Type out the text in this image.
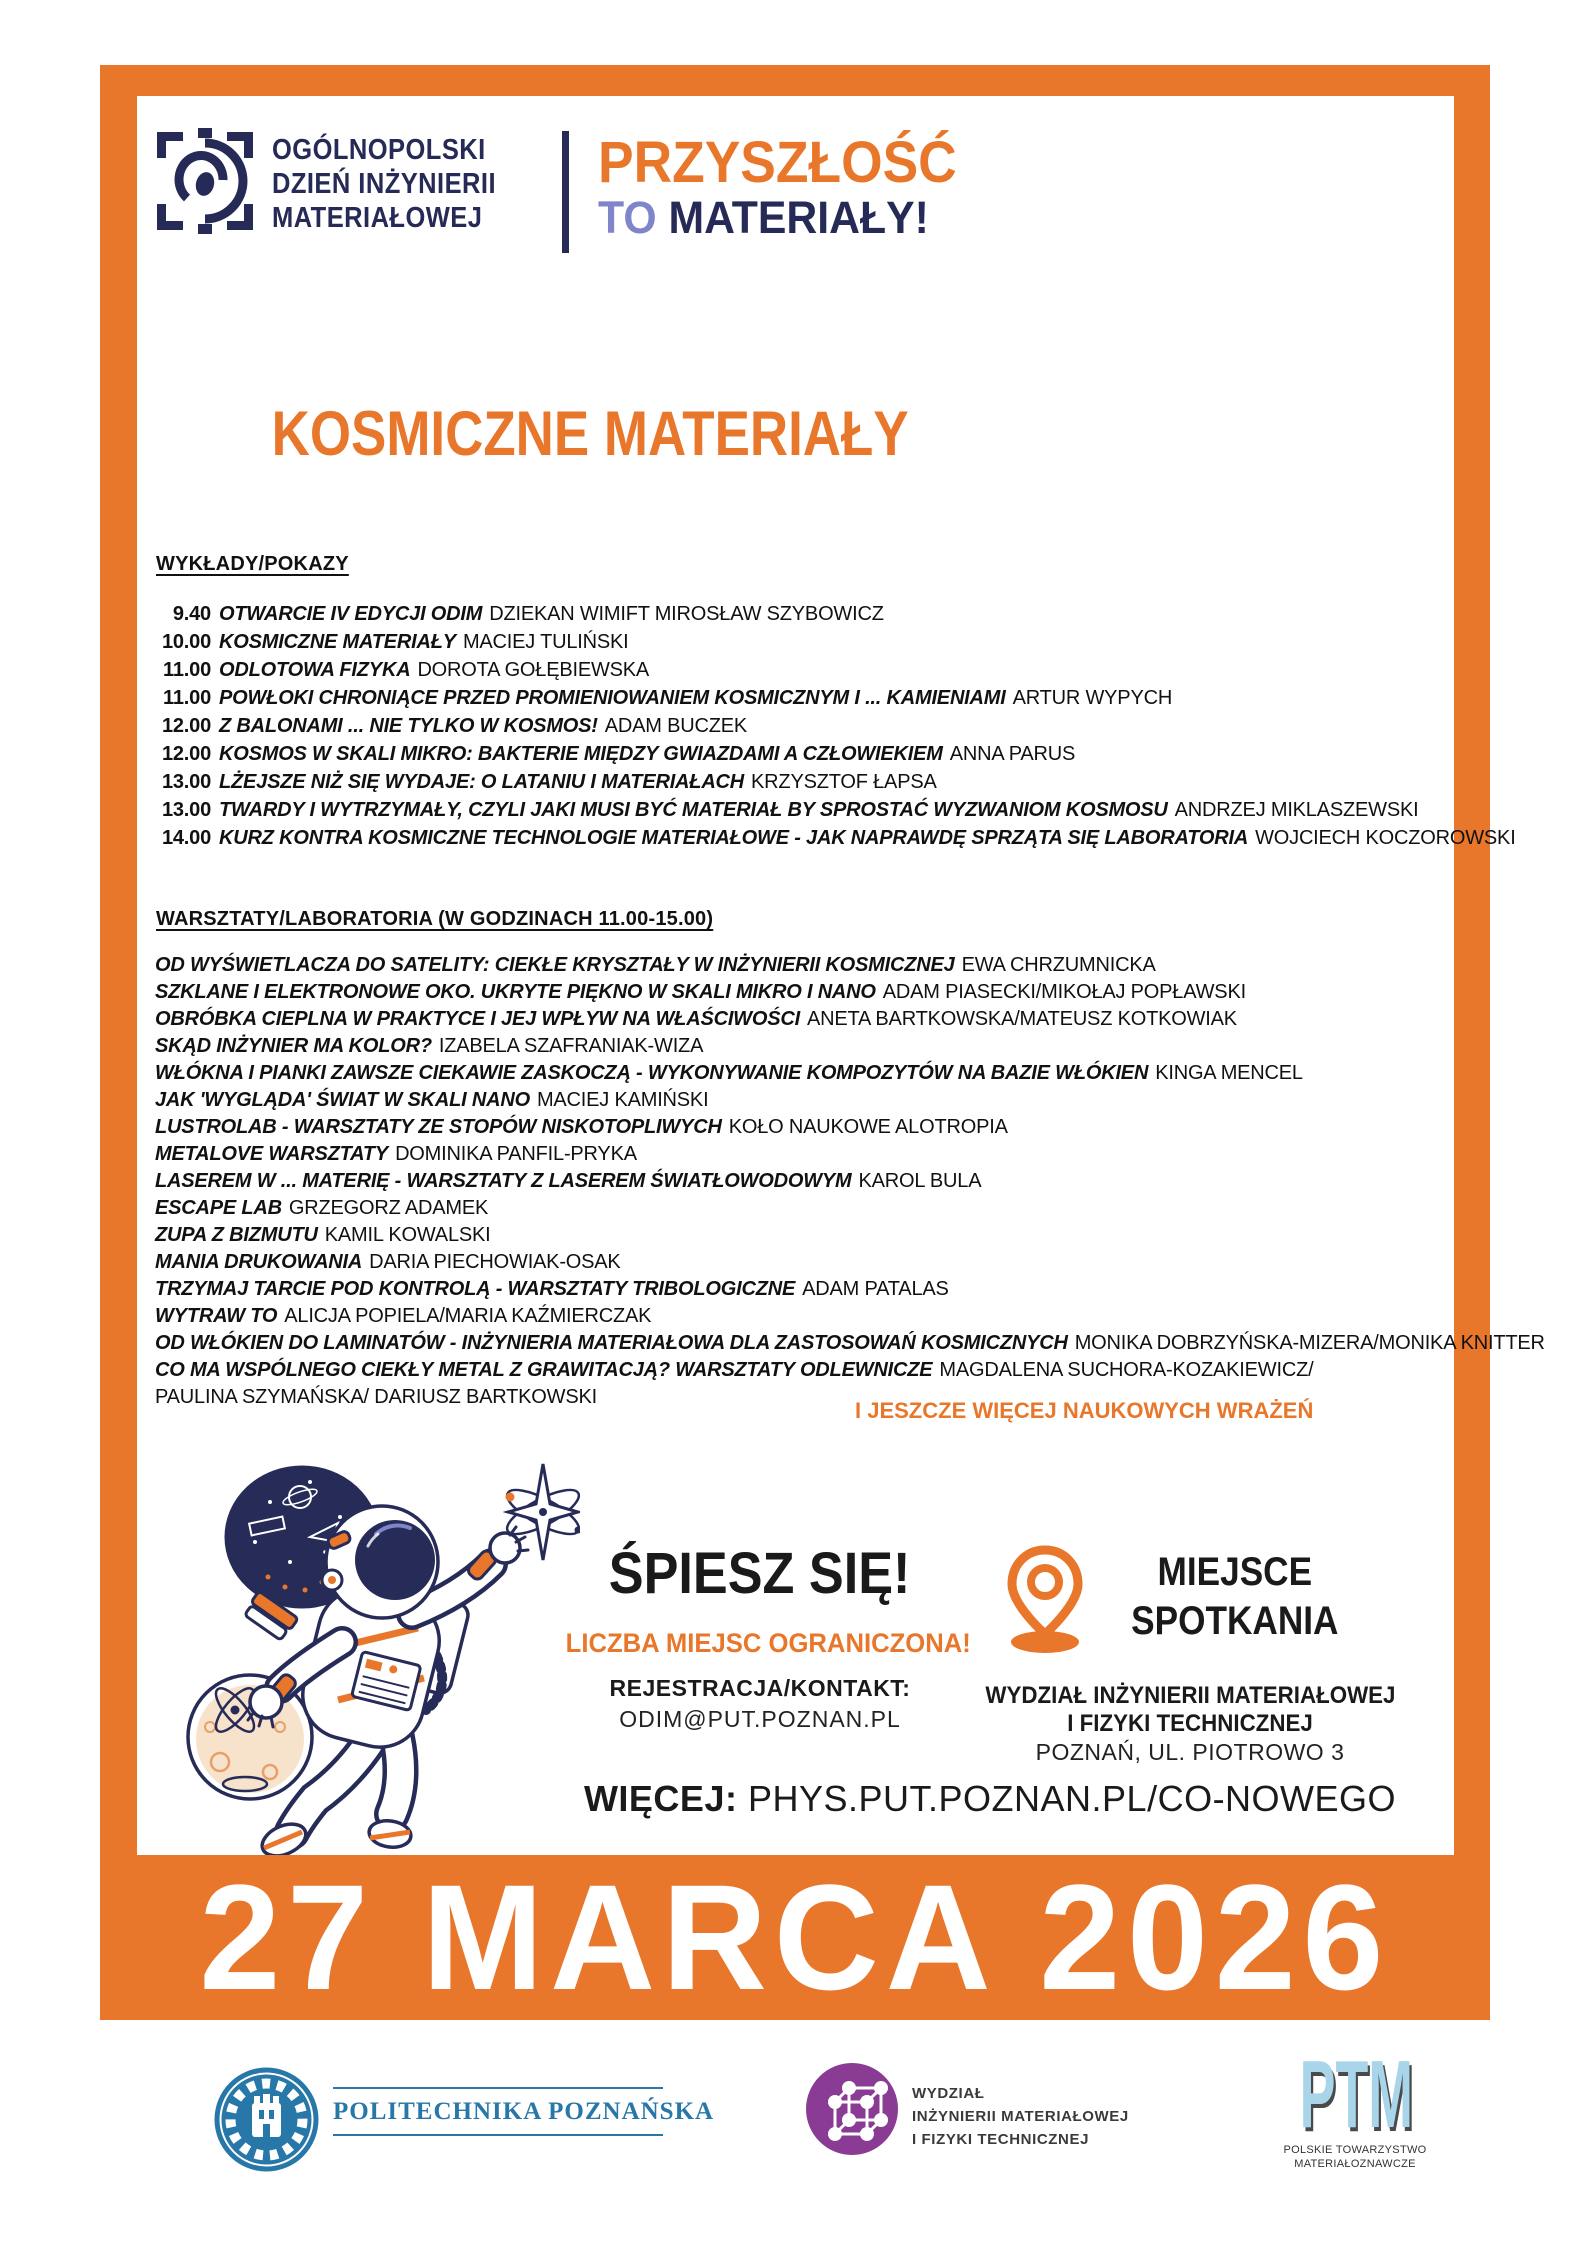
OGÓLNOPOLSKI
DZIEŃ INŻYNIERII
MATERIAŁOWEJ
PRZYSZŁOŚĆ
TO MATERIAŁY!
KOSMICZNE MATERIAŁY
WYKŁADY/POKAZY
9.40 OTWARCIE IV EDYCJI ODIM DZIEKAN WIMIFT MIROSŁAW SZYBOWICZ
10.00 KOSMICZNE MATERIAŁY MACIEJ TULIŃSKI
11.00 ODLOTOWA FIZYKA DOROTA GOŁĘBIEWSKA
11.00 POWŁOKI CHRONIĄCE PRZED PROMIENIOWANIEM KOSMICZNYM I ... KAMIENIAMI ARTUR WYPYCH
12.00 Z BALONAMI ... NIE TYLKO W KOSMOS! ADAM BUCZEK
12.00 KOSMOS W SKALI MIKRO: BAKTERIE MIĘDZY GWIAZDAMI A CZŁOWIEKIEM ANNA PARUS
13.00 LŻEJSZE NIŻ SIĘ WYDAJE: O LATANIU I MATERIAŁACH KRZYSZTOF ŁAPSA
13.00 TWARDY I WYTRZYMAŁY, CZYLI JAKI MUSI BYĆ MATERIAŁ BY SPROSTAĆ WYZWANIOM KOSMOSU ANDRZEJ MIKLASZEWSKI
14.00 KURZ KONTRA KOSMICZNE TECHNOLOGIE MATERIAŁOWE - JAK NAPRAWDĘ SPRZĄTA SIĘ LABORATORIA WOJCIECH KOCZOROWSKI
WARSZTATY/LABORATORIA (W GODZINACH 11.00-15.00)
OD WYŚWIETLACZA DO SATELITY: CIEKŁE KRYSZTAŁY W INŻYNIERII KOSMICZNEJ EWA CHRZUMNICKA
SZKLANE I ELEKTRONOWE OKO. UKRYTE PIĘKNO W SKALI MIKRO I NANO ADAM PIASECKI/MIKOŁAJ POPŁAWSKI
OBRÓBKA CIEPLNA W PRAKTYCE I JEJ WPŁYW NA WŁAŚCIWOŚCI ANETA BARTKOWSKA/MATEUSZ KOTKOWIAK
SKĄD INŻYNIER MA KOLOR? IZABELA SZAFRANIAK-WIZA
WŁÓKNA I PIANKI ZAWSZE CIEKAWIE ZASKOCZĄ - WYKONYWANIE KOMPOZYTÓW NA BAZIE WŁÓKIEN KINGA MENCEL
JAK 'WYGLĄDA' ŚWIAT W SKALI NANO MACIEJ KAMIŃSKI
LUSTROLAB - WARSZTATY ZE STOPÓW NISKOTOPLIWYCH KOŁO NAUKOWE ALOTROPIA
METALOVE WARSZTATY DOMINIKA PANFIL-PRYKA
LASEREM W ... MATERIĘ - WARSZTATY Z LASEREM ŚWIATŁOWODOWYM KAROL BULA
ESCAPE LAB GRZEGORZ ADAMEK
ZUPA Z BIZMUTU KAMIL KOWALSKI
MANIA DRUKOWANIA DARIA PIECHOWIAK-OSAK
TRZYMAJ TARCIE POD KONTROLĄ - WARSZTATY TRIBOLOGICZNE ADAM PATALAS
WYTRAW TO ALICJA POPIELA/MARIA KAŹMIERCZAK
OD WŁÓKIEN DO LAMINATÓW - INŻYNIERIA MATERIAŁOWA DLA ZASTOSOWAŃ KOSMICZNYCH MONIKA DOBRZYŃSKA-MIZERA/MONIKA KNITTER
CO MA WSPÓLNEGO CIEKŁY METAL Z GRAWITACJĄ? WARSZTATY ODLEWNICZE MAGDALENA SUCHORA-KOZAKIEWICZ/
PAULINA SZYMAŃSKA/ DARIUSZ BARTKOWSKI
I JESZCZE WIĘCEJ NAUKOWYCH WRAŻEŃ
ŚPIESZ SIĘ!
LICZBA MIEJSC OGRANICZONA!
REJESTRACJA/KONTAKT:
ODIM@PUT.POZNAN.PL
MIEJSCE
SPOTKANIA
WYDZIAŁ INŻYNIERII MATERIAŁOWEJ
I FIZYKI TECHNICZNEJ
POZNAŃ, UL. PIOTROWO 3
WIĘCEJ: PHYS.PUT.POZNAN.PL/CO-NOWEGO
27 MARCA 2026
POLITECHNIKA POZNAŃSKA
WYDZIAŁ
INŻYNIERII MATERIAŁOWEJ
I FIZYKI TECHNICZNEJ	PTM
POLSKIE TOWARZYSTWO
MATERIAŁOZNAWCZE
